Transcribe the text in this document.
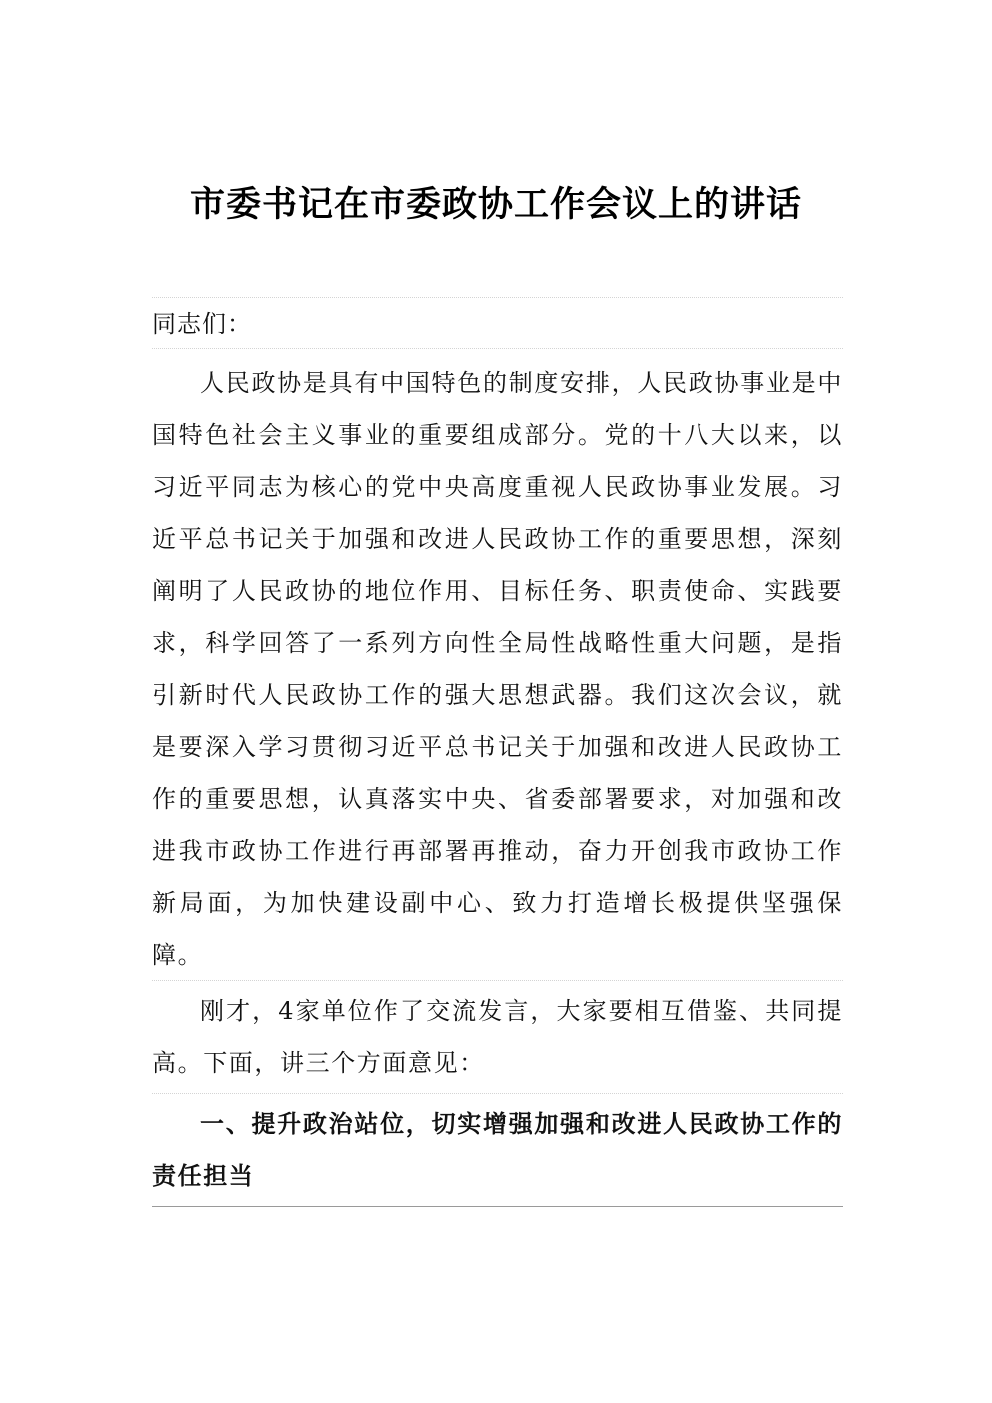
市委书记在市委政协工作会议上的讲话

同志们：

人民政协是具有中国特色的制度安排，人民政协事业是中国特色社会主义事业的重要组成部分。党的十八大以来，以习近平同志为核心的党中央高度重视人民政协事业发展。习近平总书记关于加强和改进人民政协工作的重要思想，深刻阐明了人民政协的地位作用、目标任务、职责使命、实践要求，科学回答了一系列方向性全局性战略性重大问题，是指引新时代人民政协工作的强大思想武器。我们这次会议，就是要深入学习贯彻习近平总书记关于加强和改进人民政协工作的重要思想，认真落实中央、省委部署要求，对加强和改进我市政协工作进行再部署再推动，奋力开创我市政协工作新局面，为加快建设副中心、致力打造增长极提供坚强保障。

刚才，4家单位作了交流发言，大家要相互借鉴、共同提高。下面，讲三个方面意见：

一、提升政治站位，切实增强加强和改进人民政协工作的责任担当
